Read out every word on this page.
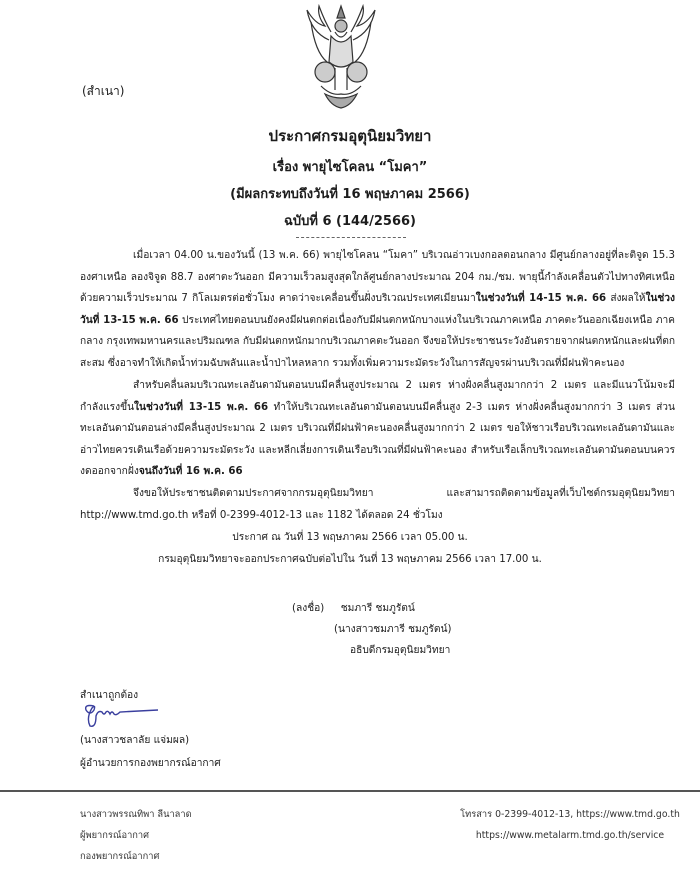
(สำเนา)
ประกาศกรมอุตุนิยมวิทยา
เรื่อง พายุไซโคลน “โมคา”
(มีผลกระทบถึงวันที่ 16 พฤษภาคม 2566)
ฉบับที่ 6 (144/2566)
เมื่อเวลา 04.00 น.ของวันนี้ (13 พ.ค. 66) พายุไซโคลน “โมคา” บริเวณอ่าวเบงกอลตอนกลาง มีศูนย์กลางอยู่ที่ละติจูด 15.3 องศาเหนือ ลองจิจูด 88.7 องศาตะวันออก มีความเร็วลมสูงสุดใกล้ศูนย์กลางประมาณ 204 กม./ชม. พายุนี้กำลังเคลื่อนตัวไปทางทิศเหนือ ด้วยความเร็วประมาณ 7 กิโลเมตรต่อชั่วโมง คาดว่าจะเคลื่อนขึ้นฝั่งบริเวณประเทศเมียนมาในช่วงวันที่ 14-15 พ.ค. 66 ส่งผลให้ในช่วงวันที่ 13-15 พ.ค. 66 ประเทศไทยตอนบนยังคงมีฝนตกต่อเนื่องกับมีฝนตกหนักบางแห่งในบริเวณภาคเหนือ ภาคตะวันออกเฉียงเหนือ ภาคกลาง กรุงเทพมหานครและปริมณฑล กับมีฝนตกหนักมากบริเวณภาคตะวันออก จึงขอให้ประชาชนระวังอันตรายจากฝนตกหนักและฝนที่ตกสะสม ซึ่งอาจทำให้เกิดน้ำท่วมฉับพลันและน้ำป่าไหลหลาก รวมทั้งเพิ่มความระมัดระวังในการสัญจรผ่านบริเวณที่มีฝนฟ้าคะนอง
สำหรับคลื่นลมบริเวณทะเลอันดามันตอนบนมีคลื่นสูงประมาณ 2 เมตร ห่างฝั่งคลื่นสูงมากกว่า 2 เมตร และมีแนวโน้มจะมีกำลังแรงขึ้นในช่วงวันที่ 13-15 พ.ค. 66 ทำให้บริเวณทะเลอันดามันตอนบนมีคลื่นสูง 2-3 เมตร ห่างฝั่งคลื่นสูงมากกว่า 3 เมตร ส่วนทะเลอันดามันตอนล่างมีคลื่นสูงประมาณ 2 เมตร บริเวณที่มีฝนฟ้าคะนองคลื่นสูงมากกว่า 2 เมตร ขอให้ชาวเรือบริเวณทะเลอันดามันและอ่าวไทยควรเดินเรือด้วยความระมัดระวัง และหลีกเลี่ยงการเดินเรือบริเวณที่มีฝนฟ้าคะนอง สำหรับเรือเล็กบริเวณทะเลอันดามันตอนบนควรงดออกจากฝั่งจนถึงวันที่ 16 พ.ค. 66
จึงขอให้ประชาชนติดตามประกาศจากกรมอุตุนิยมวิทยา และสามารถติดตามข้อมูลที่เว็บไซต์กรมอุตุนิยมวิทยา http://www.tmd.go.th หรือที่ 0-2399-4012-13 และ 1182 ได้ตลอด 24 ชั่วโมง
ประกาศ ณ วันที่ 13 พฤษภาคม 2566 เวลา 05.00 น.
กรมอุตุนิยมวิทยาจะออกประกาศฉบับต่อไปใน วันที่ 13 พฤษภาคม 2566 เวลา 17.00 น.
(ลงชื่อ) ชมภารี ชมภูรัตน์
(นางสาวชมภารี ชมภูรัตน์)
อธิบดีกรมอุตุนิยมวิทยา
สำเนาถูกต้อง
(นางสาวชลาลัย แจ่มผล)
ผู้อำนวยการกองพยากรณ์อากาศ
นางสาวพรรณทิพา ลีนาลาด
ผู้พยากรณ์อากาศ
กองพยากรณ์อากาศ
โทรสาร 0-2399-4012-13, https://www.tmd.go.th
https://www.metalarm.tmd.go.th/service
